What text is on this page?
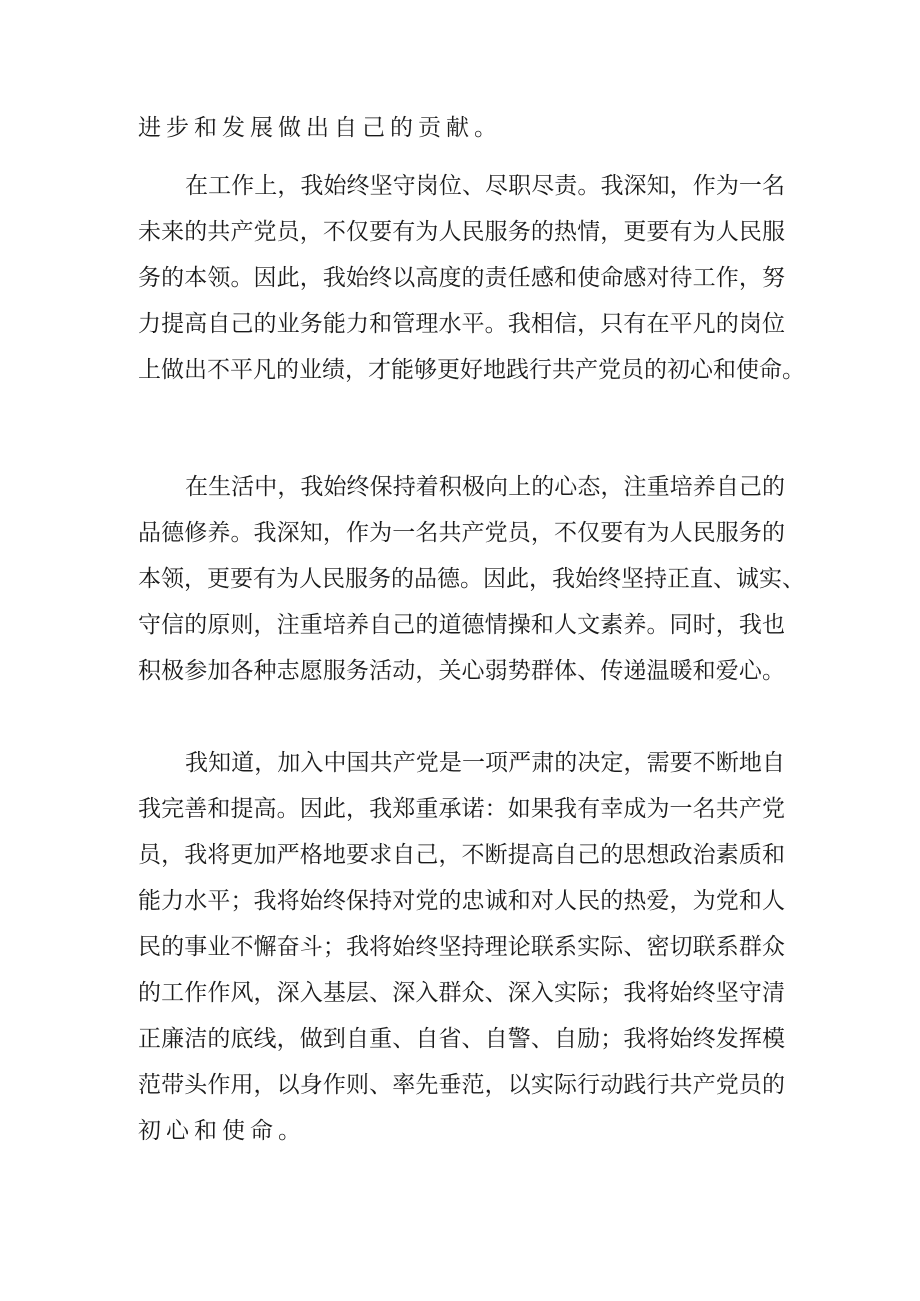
进步和发展做出自己的贡献。
在工作上，我始终坚守岗位、尽职尽责。我深知，作为一名
未来的共产党员，不仅要有为人民服务的热情，更要有为人民服
务的本领。因此，我始终以高度的责任感和使命感对待工作，努
力提高自己的业务能力和管理水平。我相信，只有在平凡的岗位
上做出不平凡的业绩，才能够更好地践行共产党员的初心和使命。
在生活中，我始终保持着积极向上的心态，注重培养自己的
品德修养。我深知，作为一名共产党员，不仅要有为人民服务的
本领，更要有为人民服务的品德。因此，我始终坚持正直、诚实、
守信的原则，注重培养自己的道德情操和人文素养。同时，我也
积极参加各种志愿服务活动，关心弱势群体、传递温暖和爱心。
我知道，加入中国共产党是一项严肃的决定，需要不断地自
我完善和提高。因此，我郑重承诺：如果我有幸成为一名共产党
员，我将更加严格地要求自己，不断提高自己的思想政治素质和
能力水平；我将始终保持对党的忠诚和对人民的热爱，为党和人
民的事业不懈奋斗；我将始终坚持理论联系实际、密切联系群众
的工作作风，深入基层、深入群众、深入实际；我将始终坚守清
正廉洁的底线，做到自重、自省、自警、自励；我将始终发挥模
范带头作用，以身作则、率先垂范，以实际行动践行共产党员的
初心和使命。
